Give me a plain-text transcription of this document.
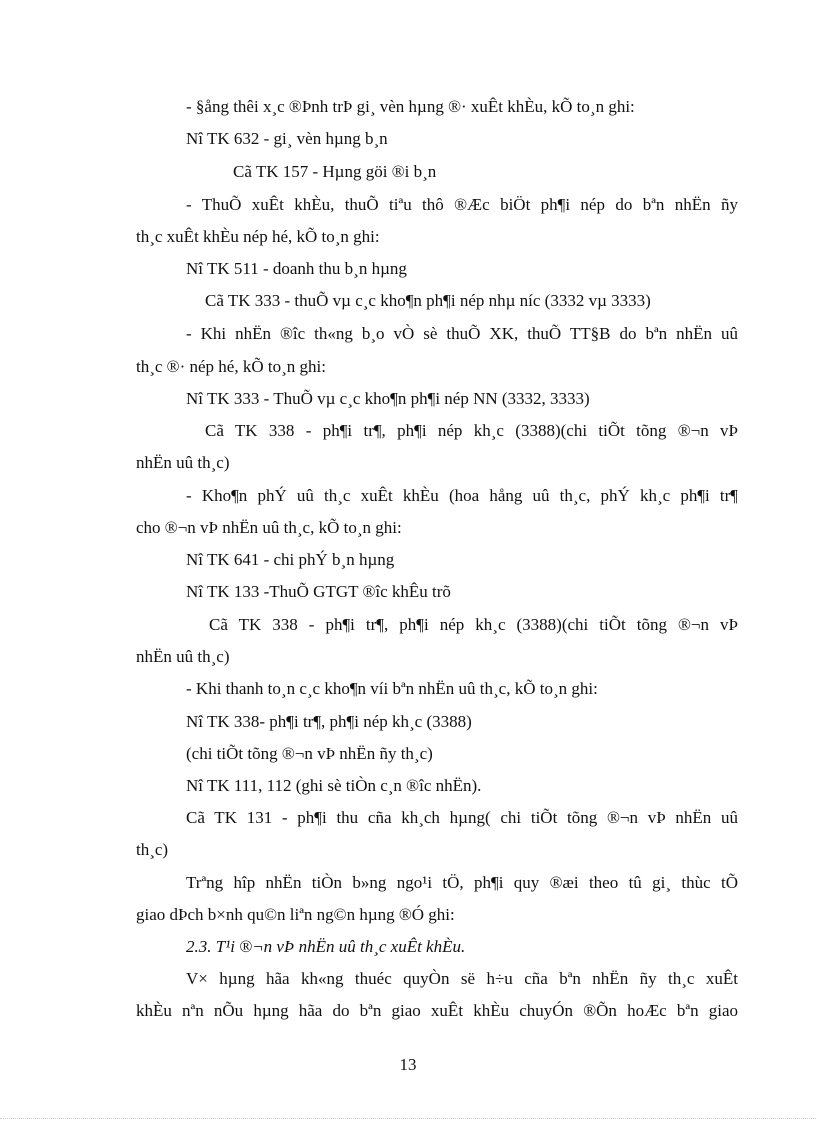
- §ång thêi x¸c ®Þnh trÞ gi¸ vèn hµng ®· xuÊt khÈu, kÕ to¸n ghi:
Nî TK 632 - gi¸ vèn hµng b¸n
Cã TK 157 - Hµng göi ®i b¸n
- ThuÕ xuÊt khÈu, thuÕ tiªu thô ®Æc biÖt ph¶i nép do bªn nhËn ñy
th¸c xuÊt khÈu nép hé, kÕ to¸n ghi:
Nî TK 511 - doanh thu b¸n hµng
Cã TK 333 - thuÕ vµ c¸c kho¶n ph¶i nép nhµ níc (3332 vµ 3333)
- Khi nhËn ®îc th«ng b¸o vÒ sè thuÕ XK, thuÕ TT§B do bªn nhËn uû
th¸c ®· nép hé, kÕ to¸n ghi:
Nî TK 333 - ThuÕ vµ c¸c kho¶n ph¶i nép NN (3332, 3333)
Cã TK 338 - ph¶i tr¶, ph¶i nép kh¸c (3388)(chi tiÕt tõng ®¬n vÞ
nhËn uû th¸c)
- Kho¶n phÝ uû th¸c xuÊt khÈu (hoa hång uû th¸c, phÝ kh¸c ph¶i tr¶
cho ®¬n vÞ nhËn uû th¸c, kÕ to¸n ghi:
Nî TK 641 - chi phÝ b¸n hµng
Nî TK 133 -ThuÕ GTGT ®îc khÊu trõ
Cã TK 338 - ph¶i tr¶, ph¶i nép kh¸c (3388)(chi tiÕt tõng ®¬n vÞ
nhËn uû th¸c)
- Khi thanh to¸n c¸c kho¶n víi bªn nhËn uû th¸c, kÕ to¸n ghi:
Nî TK 338- ph¶i tr¶, ph¶i nép kh¸c (3388)
(chi tiÕt tõng ®¬n vÞ nhËn ñy th¸c)
Nî TK 111, 112 (ghi sè tiÒn c¸n ®îc nhËn).
Cã TK 131 - ph¶i thu cña kh¸ch hµng( chi tiÕt tõng ®¬n vÞ nhËn uû
th¸c)
Trªng hîp nhËn tiÒn b»ng ngo¹i tÖ, ph¶i quy ®æi theo tû gi¸ thùc tÕ
giao dÞch b×nh qu©n liªn ng©n hµng ®Ó ghi:
2.3. T¹i ®¬n vÞ nhËn uû th¸c xuÊt khÈu.
V× hµng hãa kh«ng thuéc quyÒn së h÷u cña bªn nhËn ñy th¸c xuÊt
khÈu nªn nÕu hµng hãa do bªn giao xuÊt khÈu chuyÓn ®Õn hoÆc bªn giao
13
